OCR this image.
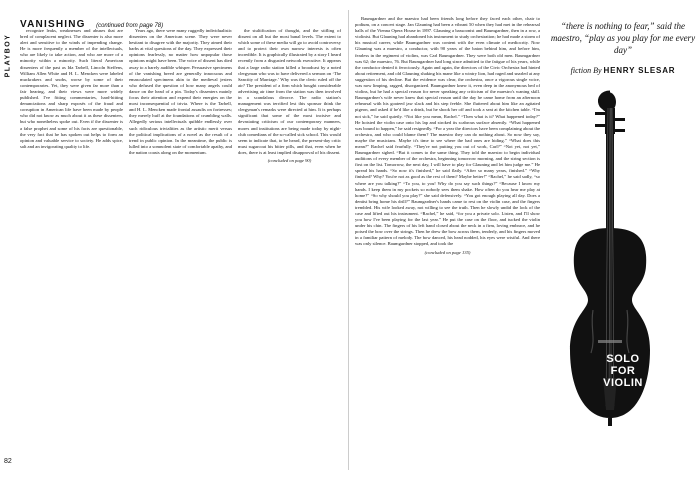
PLAYBOY
82
VANISHING (continued from page 78)

recognize leaks, weaknesses and abuses that are bred of complacent neglect. The dissenter is also more alert and sensitive to the winds of impending change. He is more frequently a member of the intellectuals, who are likely to take action, and who are more of a minority within a minority. Such literal American dissenters of the past as Ida Tarbell, Lincoln Steffens, William Allen White and H. L. Mencken were labeled muckrakers and snobs, worse by some of their contemporaries. Yet, they were given far more than a fair hearing, and their views were more widely published. I've fitting commentaries, hard-hitting denunciations and sharp exposés of the fraud and corruption in American life have been made by people who did not know as much about it as these dissenters, but who nonetheless spoke out. Even if the dissenter is a false prophet and some of his facts are questionable, the very fact that he has spoken out helps to form an opinion and valuable service to society. He adds spice, salt and an invigorating quality to life.

Years ago, there were many ruggedly individualistic dissenters on the American scene. They were never hesitant to disagree with the majority. They aimed their barbs at vital questions of the day. They expressed their opinions fearlessly, no matter how unpopular those opinions might have been. The voice of dissent has died away to a barely audible whisper. Persuasive specimens of the vanishing breed are generally innocuous and emasculated specimens akin to the medieval jesters who defused the question of how many angels could dance on the head of a pin. Today's dissenters mainly focus their attention and expend their energies on the most inconsequential of trivia. Where is the Tarbell, and H. L. Mencken made frontal assaults on fortresses; they merely huff at the foundations of crumbling walls. Allegedly serious intellectuals quibble endlessly over such ridiculous trivialities as the artistic merit versus the political implications of a novel as the result of a trend in public opinion. In the meantime, the public is lulled into a somnolent state of comfortable apathy, and the nation coasts along on the momentum.

the stultification of thought, and the stifling of dissent on all but the most banal levels. The extent to which some of these media will go to avoid controversy and to protect their own narrow interests is often incredible. It is graphically illustrated by a story I heard recently from a disgusted network executive. It appears that a large radio station killed a broadcast by a noted clergyman who was to have delivered a sermon on ‘The Sanctity of Marriage.’ Why was the cleric ruled off the air? The president of a firm which bought considerable advertising air time from the station was then involved in a scandalous divorce. The radio station's management was terrified lest this sponsor think the clergyman's remarks were directed at him. It is perhaps significant that some of the most incisive and devastating criticism of our contemporary manners, mores and institutions are being made today by night-club comedians of the so-called sick school. This would seem to indicate that, to be heard, the present-day critic must sugarcoat his bitter pills, and that, even when he does, there is at least implied disapproval of his dissent.

(concluded on page 90)

Baumgardner and the maestro had been friends long before they faced each other, chair to podium, on a concert stage. Jan Glauning had been a vibrant 50 when they had met in the rehearsal halls of the Vienna Opera House in 1897. Glauning a bassoonist and Baumgardner, then in a row, a violinist. But Glauning had abandoned his instrument to study orchestration; he had made a storm of his musical career, while Baumgardner was content with the even climate of mediocrity. Now Glauning was a maestro, a conductor, with 90 years of the baton behind him, and before him, fearless in the regiment of violins, was Carl Baumgardner. They were both old men. Baumgardner was 62; the maestro, 76. But Baumgardner had long since admitted to the fatigue of his years, while the conductor denied it ferociously. Again and again, the directors of the Civic Orchestra had hinted about retirement, and old Glauning shaking his mane like a wintry lion, had raged and snarled at any suggestion of his decline. But the evidence was clear, the orchestra, once a vigorous single voice, was now limping, ragged, disorganized. Baumgardner knew it, even deep in the anonymous bed of violins, but he had a special reason for never speaking any criticism of the maestro's waning skill. Baumgardner's wife never knew that special reason until the day he came home from an afternoon rehearsal with his goateed jaw slack and his step feeble. She fluttered about him like an agitated pigeon, and asked if he'd like a drink, but he shook her off and took a seat at the kitchen table. “I'm not sick,” he said quietly. “Not like you mean, Rachel.” “Then what is it? What happened today?” He hoisted the violin case onto his lap and stroked its scabrous surface absently. “What happened was bound to happen,” he said resignedly. “For a year the directors have been complaining about the orchestra, and who could blame them? The maestro they can do nothing about. So now they say, maybe the musicians. Maybe it's time to see where the bad ones are hiding.” “What does this mean?” Rachel said fearfully. “They're not putting you out of work, Carl?” “Not yet, not yet,” Baumgardner sighed. “But it comes to the same thing. They told the maestro to begin individual auditions of every member of the orchestra, beginning tomorrow morning, and the string section is first on the list. Tomorrow, the next day, I will have to play for Glauning and let him judge me.” He spread his hands. “So now it's finished,” he said flatly. “After so many years, finished.” “Why finished? Why? You're not as good as the rest of them? Maybe better!” “Rachel,” he said sadly, “so where are you talking?” “To you, to you! Why do you say such things?” “Because I know my hands. I keep them in my pockets so nobody sees them shake. How often do you hear me play at home?” “So why should you play?” she said defensively. “You got enough playing all day. Does a dentist bring home his drill?” Baumgardner's hands came to rest on the violin case, and the fingers trembled. His wife looked away, not willing to see the truth. Then he slowly undid the lock of the case and lifted out his instrument. “Rachel,” he said, “for you a private solo. Listen, and I'll show you how I've been playing for the last year.” He put the case on the floor, and tucked the violin under his chin. The fingers of his left hand closed about the neck in a firm, loving embrace, and he poised the bow over the strings. Then he drew the bow across them, tenderly, and his fingers moved in a familiar pattern of melody. The bow danced, his head nodded, his eyes were wistful. And there was only silence. Baumgardner stopped, and took the

(concluded on page 135)
“there is nothing to fear,” said the maestro, “play as you play for me every day”
fiction By HENRY SLESAR
SOLO
FOR
VIOLIN
